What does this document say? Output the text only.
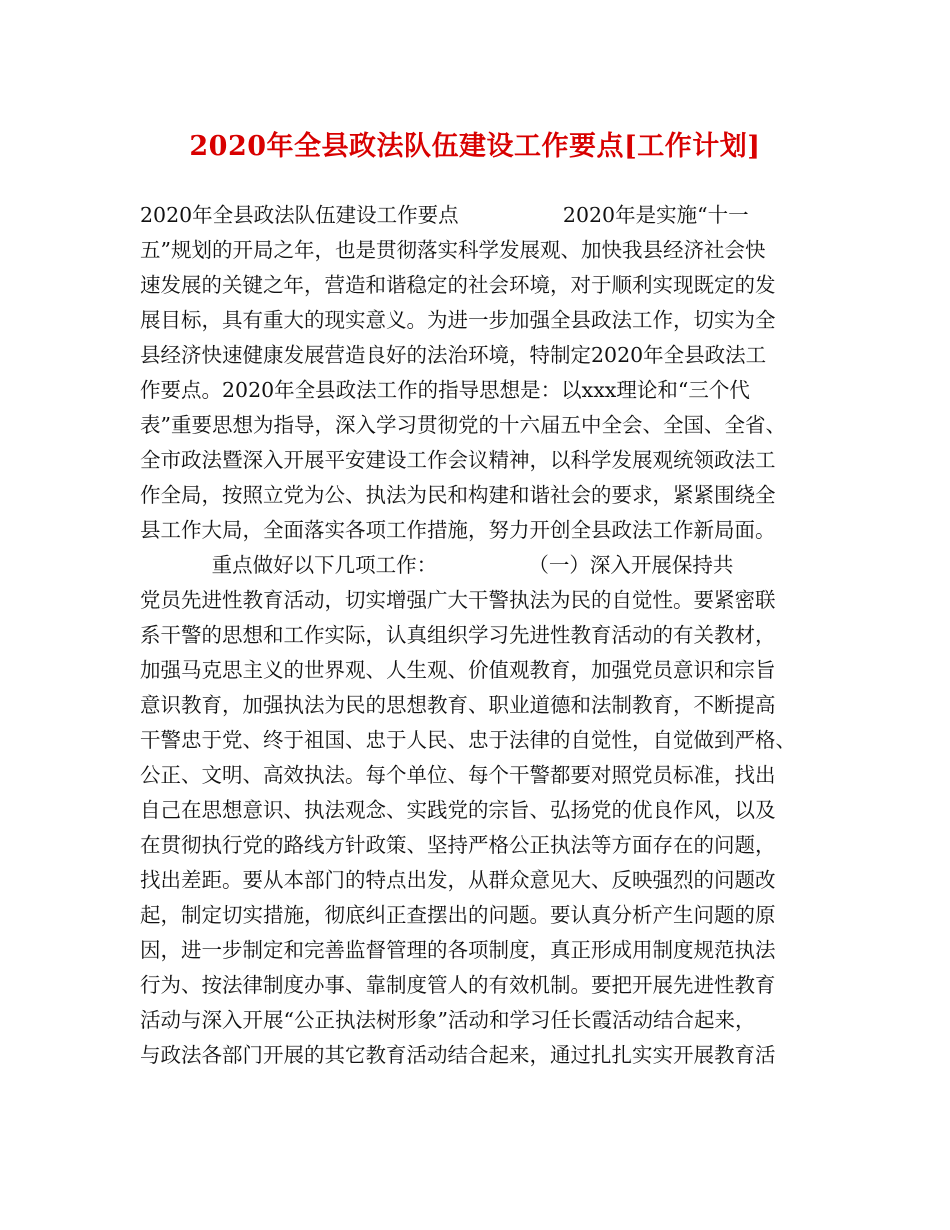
2020年全县政法队伍建设工作要点[工作计划]
2020年全县政法队伍建设工作要点                2020年是实施“十一
五”规划的开局之年，也是贯彻落实科学发展观、加快我县经济社会快
速发展的关键之年，营造和谐稳定的社会环境，对于顺利实现既定的发
展目标，具有重大的现实意义。为进一步加强全县政法工作，切实为全
县经济快速健康发展营造良好的法治环境，特制定2020年全县政法工
作要点。2020年全县政法工作的指导思想是：以xxx理论和“三个代
表”重要思想为指导，深入学习贯彻党的十六届五中全会、全国、全省、
全市政法暨深入开展平安建设工作会议精神，以科学发展观统领政法工
作全局，按照立党为公、执法为民和构建和谐社会的要求，紧紧围绕全
县工作大局，全面落实各项工作措施，努力开创全县政法工作新局面。
重点做好以下几项工作：              （一）深入开展保持共
党员先进性教育活动，切实增强广大干警执法为民的自觉性。要紧密联
系干警的思想和工作实际，认真组织学习先进性教育活动的有关教材，
加强马克思主义的世界观、人生观、价值观教育，加强党员意识和宗旨
意识教育，加强执法为民的思想教育、职业道德和法制教育，不断提高
干警忠于党、终于祖国、忠于人民、忠于法律的自觉性，自觉做到严格、
公正、文明、高效执法。每个单位、每个干警都要对照党员标准，找出
自己在思想意识、执法观念、实践党的宗旨、弘扬党的优良作风，以及
在贯彻执行党的路线方针政策、坚持严格公正执法等方面存在的问题，
找出差距。要从本部门的特点出发，从群众意见大、反映强烈的问题改
起，制定切实措施，彻底纠正查摆出的问题。要认真分析产生问题的原
因，进一步制定和完善监督管理的各项制度，真正形成用制度规范执法
行为、按法律制度办事、靠制度管人的有效机制。要把开展先进性教育
活动与深入开展“公正执法树形象”活动和学习任长霞活动结合起来，
与政法各部门开展的其它教育活动结合起来，通过扎扎实实开展教育活
